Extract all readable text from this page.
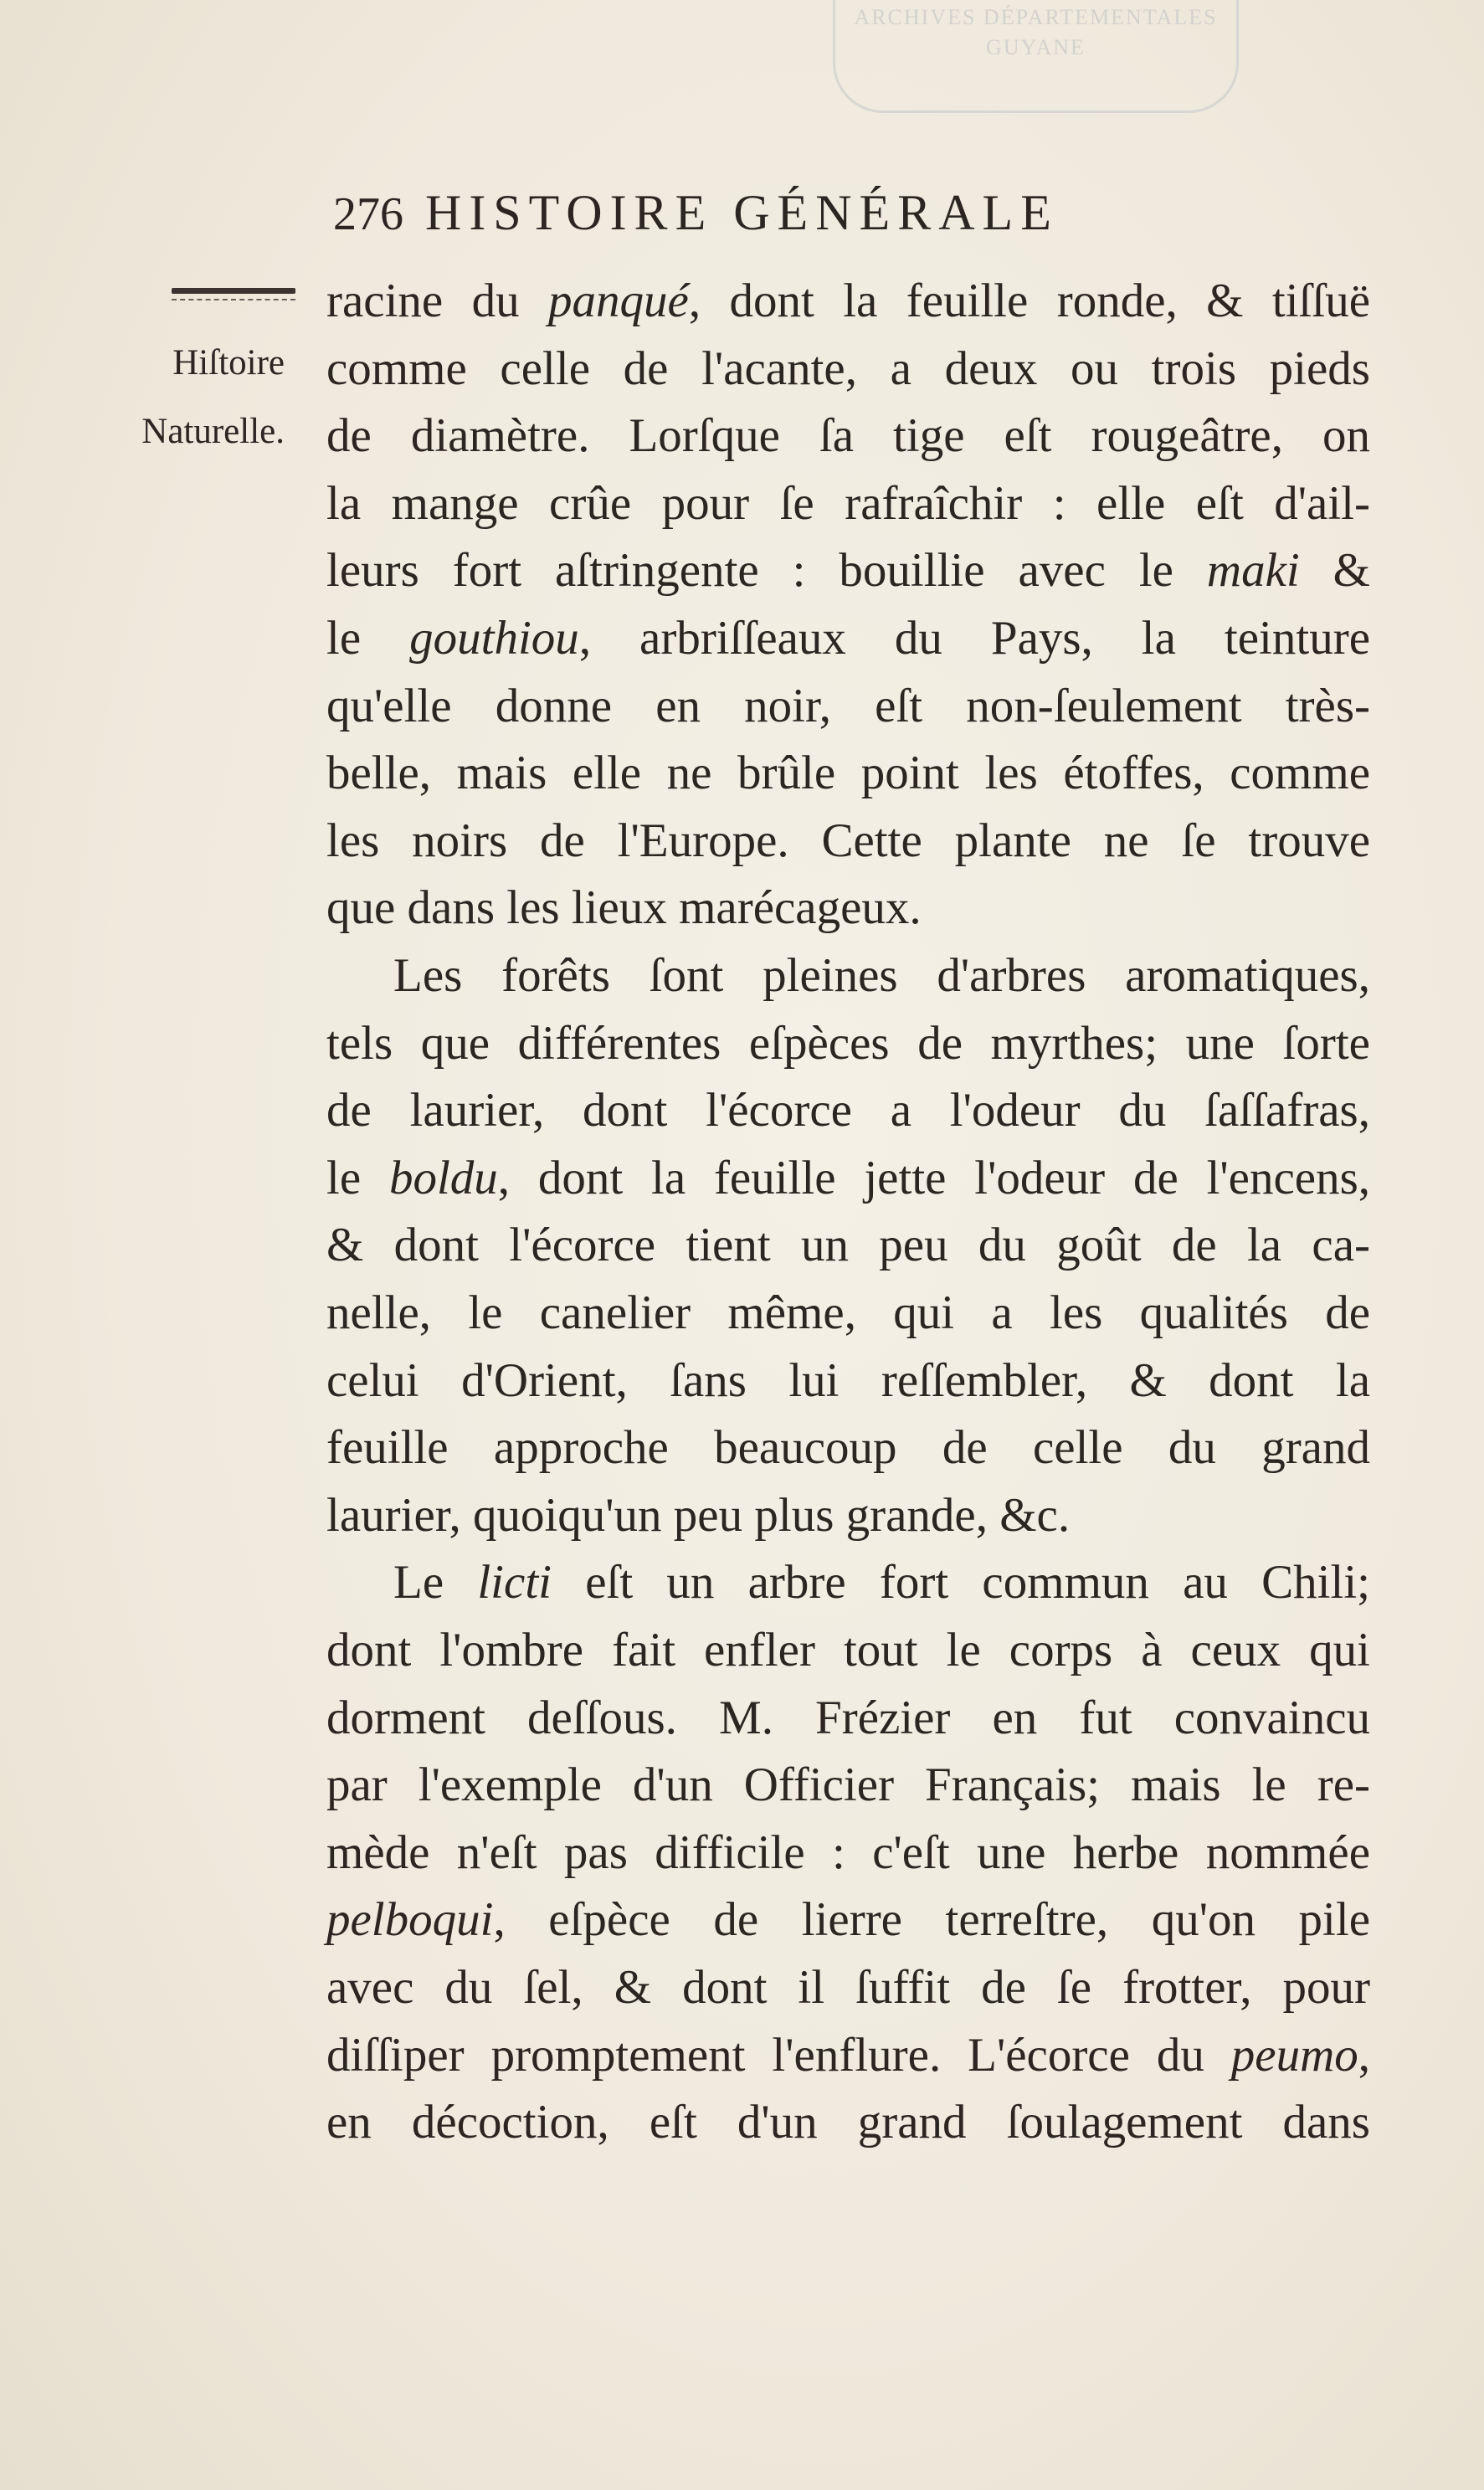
ARCHIVES DÉPARTEMENTALES GUYANE
276 HISTOIRE GÉNÉRALE
Hiſtoire
Naturelle.
racine du panqué, dont la feuille ronde, & tiſſuë
comme celle de l'acante, a deux ou trois pieds
de diamètre. Lorſque ſa tige eſt rougeâtre, on
la mange crûe pour ſe rafraîchir : elle eſt d'ail-
leurs fort aſtringente : bouillie avec le maki &
le gouthiou, arbriſſeaux du Pays, la teinture
qu'elle donne en noir, eſt non-ſeulement très-
belle, mais elle ne brûle point les étoffes, comme
les noirs de l'Europe. Cette plante ne ſe trouve
que dans les lieux marécageux.
Les forêts ſont pleines d'arbres aromatiques,
tels que différentes eſpèces de myrthes; une ſorte
de laurier, dont l'écorce a l'odeur du ſaſſafras,
le boldu, dont la feuille jette l'odeur de l'encens,
& dont l'écorce tient un peu du goût de la ca-
nelle, le canelier même, qui a les qualités de
celui d'Orient, ſans lui reſſembler, & dont la
feuille approche beaucoup de celle du grand
laurier, quoiqu'un peu plus grande, &c.
Le licti eſt un arbre fort commun au Chili;
dont l'ombre fait enfler tout le corps à ceux qui
dorment deſſous. M. Frézier en fut convaincu
par l'exemple d'un Officier Français; mais le re-
mède n'eſt pas difficile : c'eſt une herbe nommée
pelboqui, eſpèce de lierre terreſtre, qu'on pile
avec du ſel, & dont il ſuffit de ſe frotter, pour
diſſiper promptement l'enflure. L'écorce du peumo,
en décoction, eſt d'un grand ſoulagement dans
